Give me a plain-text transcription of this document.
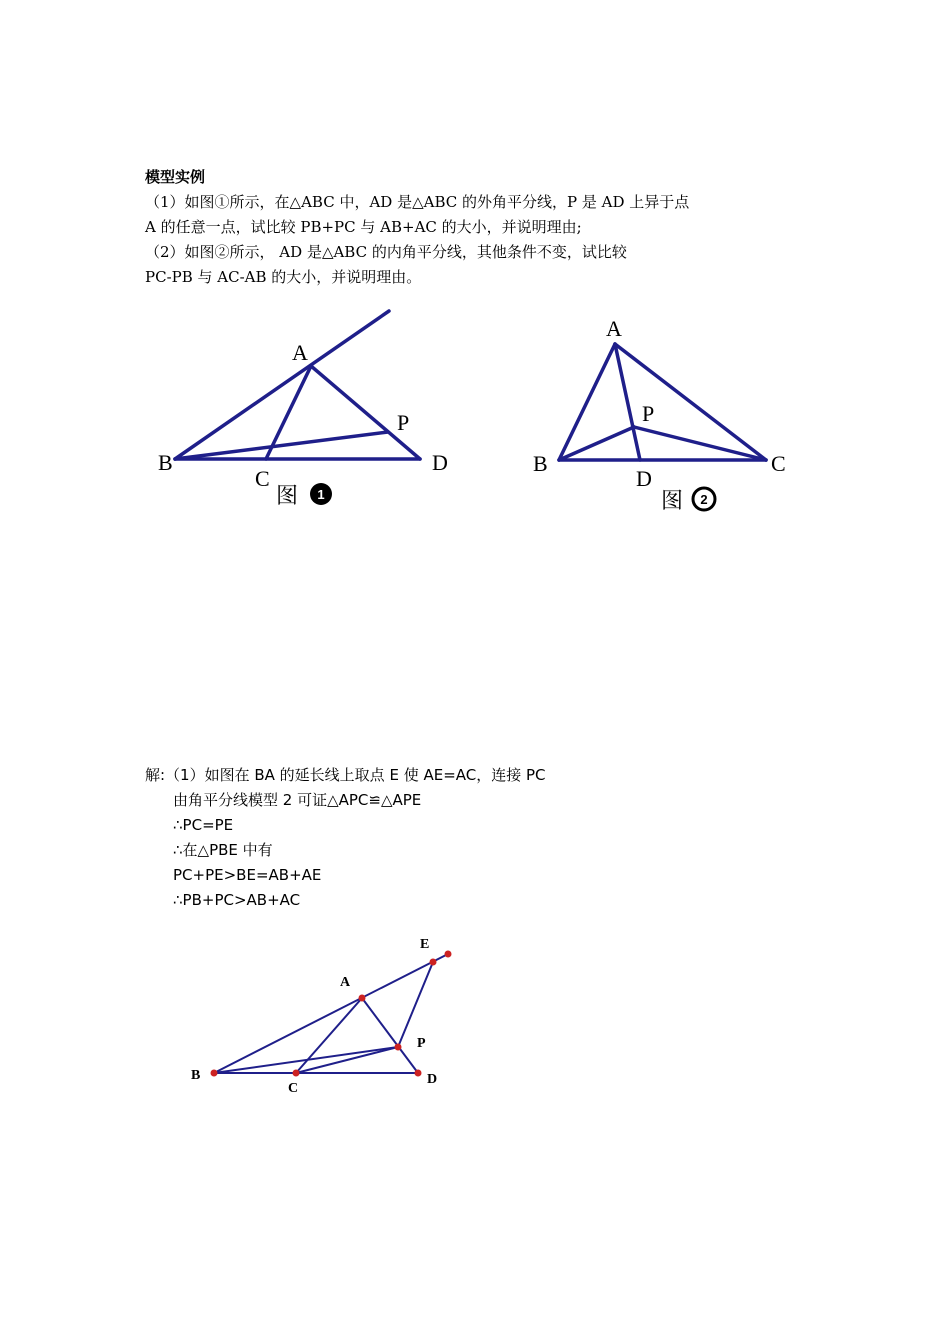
模型实例

（1）如图①所示，在△ABC 中，AD 是△ABC 的外角平分线，P 是 AD 上异于点

A 的任意一点，试比较 PB+PC 与 AB+AC 的大小，并说明理由;

（2）如图②所示， AD 是△ABC 的内角平分线，其他条件不变，试比较

PC-PB 与 AC-AB 的大小，并说明理由。

A
B
C
D
P
图 1
A
B	C
D
P
图 2

解:（1）如图在 BA 的延长线上取点 E 使 AE=AC，连接 PC

由角平分线模型 2 可证△APC≌△APE

∴PC=PE

∴在△PBE 中有

PC+PE>BE=AB+AE

∴PB+PC>AB+AC

A
B
C
D
E
P
